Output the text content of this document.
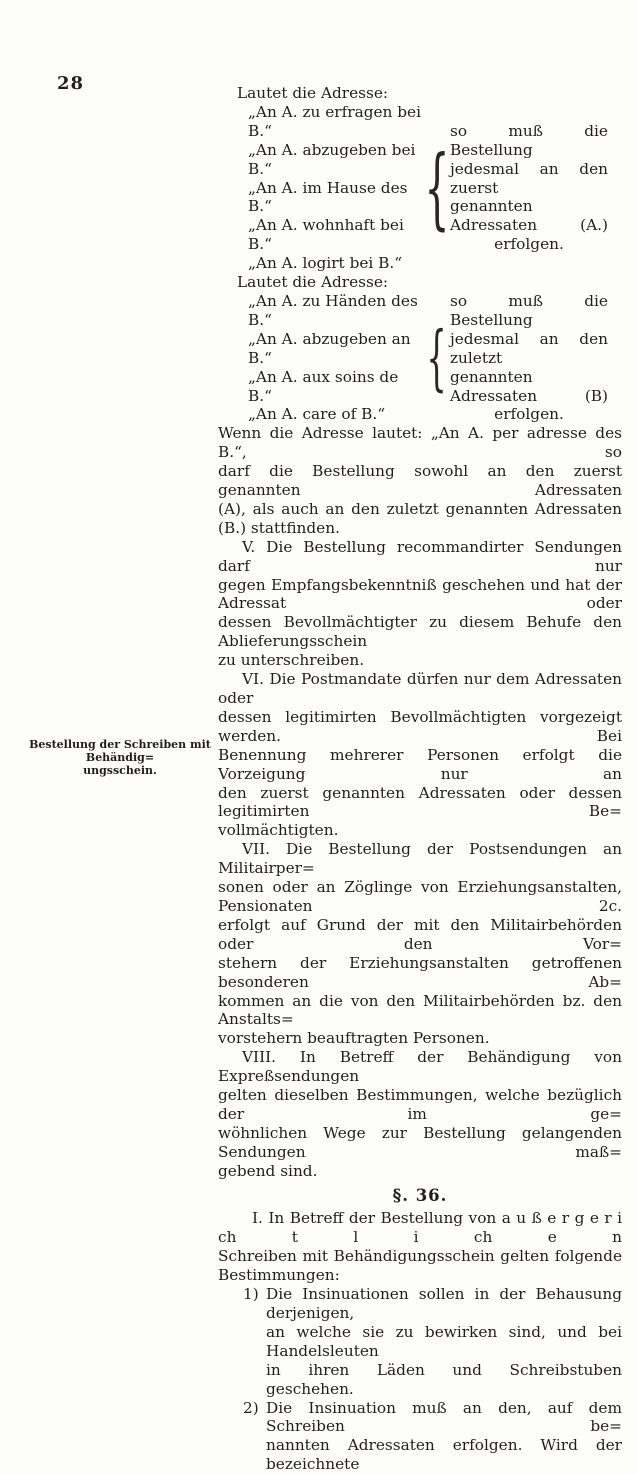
28
Bestellung der Schreiben mit Behändig=
ungsschein.
Lautet die Adresse:
„An A. zu erfragen bei B.“
„An A. abzugeben bei B.“
„An A. im Hause des B.“
„An A. wohnhaft bei B.“
„An A. logirt bei B.“
{
so muß die Bestellung
jedesmal an den zuerst
genannten Adressaten (A.)
erfolgen.
Lautet die Adresse:
„An A. zu Händen des B.“
„An A. abzugeben an B.“
„An A. aux soins de B.“
„An A. care of B.“
{
so muß die Bestellung
jedesmal an den zuletzt
genannten Adressaten (B)
erfolgen.
Wenn die Adresse lautet: „An A. per adresse des B.“, so
darf die Bestellung sowohl an den zuerst genannten Adressaten
(A), als auch an den zuletzt genannten Adressaten (B.) stattfinden.
V. Die Bestellung recommandirter Sendungen darf nur
gegen Empfangsbekenntniß geschehen und hat der Adressat oder
dessen Bevollmächtigter zu diesem Behufe den Ablieferungsschein
zu unterschreiben.
VI. Die Postmandate dürfen nur dem Adressaten oder
dessen legitimirten Bevollmächtigten vorgezeigt werden. Bei
Benennung mehrerer Personen erfolgt die Vorzeigung nur an
den zuerst genannten Adressaten oder dessen legitimirten Be=
vollmächtigten.
VII. Die Bestellung der Postsendungen an Militairper=
sonen oder an Zöglinge von Erziehungsanstalten, Pensionaten 2c.
erfolgt auf Grund der mit den Militairbehörden oder den Vor=
stehern der Erziehungsanstalten getroffenen besonderen Ab=
kommen an die von den Militairbehörden bz. den Anstalts=
vorstehern beauftragten Personen.
VIII. In Betreff der Behändigung von Expreßsendungen
gelten dieselben Bestimmungen, welche bezüglich der im ge=
wöhnlichen Wege zur Bestellung gelangenden Sendungen maß=
gebend sind.
§. 36.
I. In Betreff der Bestellung von a u ß e r g e r i ch t l i ch e n
Schreiben mit Behändigungsschein gelten folgende Bestimmungen:
1) Die Insinuationen sollen in der Behausung derjenigen,
an welche sie zu bewirken sind, und bei Handelsleuten
in ihren Läden und Schreibstuben geschehen.
2) Die Insinuation muß an den, auf dem Schreiben be=
nannten Adressaten erfolgen. Wird der bezeichnete
